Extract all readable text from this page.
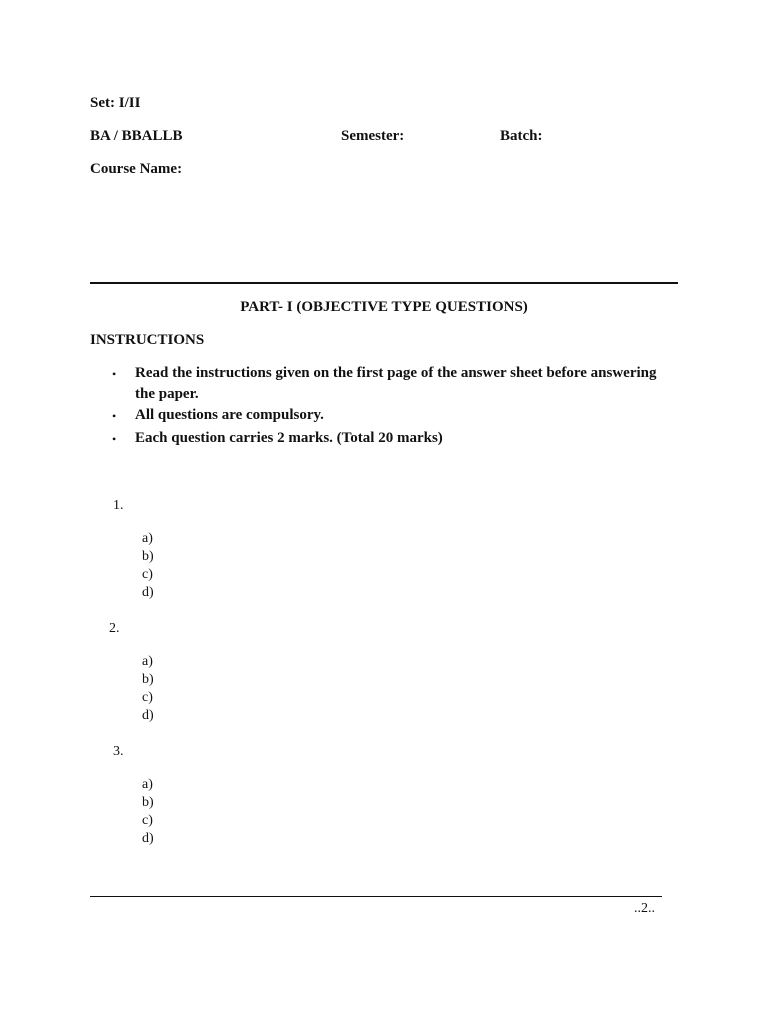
Set: I/II
BA / BBALLB	Semester:	Batch:
Course Name:
PART- I (OBJECTIVE TYPE QUESTIONS)
INSTRUCTIONS
• Read the instructions given on the first page of the answer sheet before answering the paper.
• All questions are compulsory.
• Each question carries 2 marks. (Total 20 marks)
1.
a)
b)
c)
d)
2.
a)
b)
c)
d)
3.
a)
b)
c)
d)
..2..
